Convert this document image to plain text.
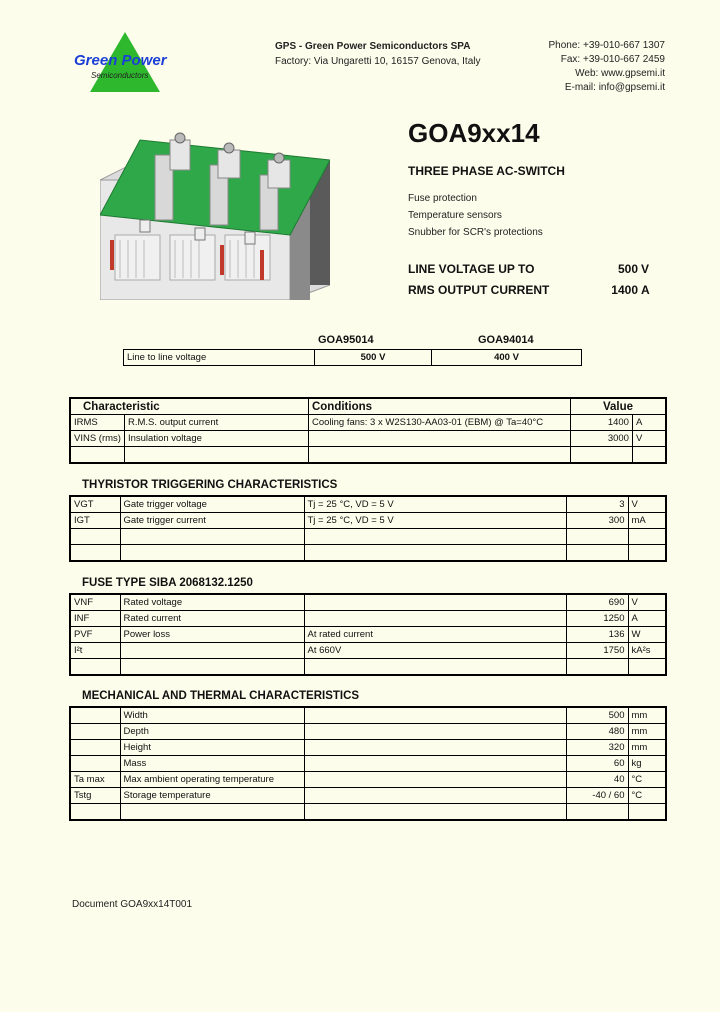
Green Power
Semiconductors
GPS - Green Power Semiconductors SPA
Factory: Via Ungaretti 10, 16157 Genova, Italy
Phone: +39-010-667 1307
Fax: +39-010-667 2459
Web: www.gpsemi.it
E-mail: info@gpsemi.it
GOA9xx14
THREE PHASE AC-SWITCH
Fuse protection
Temperature sensors
Snubber for SCR's protections
LINE VOLTAGE UP TO	500 V
RMS OUTPUT CURRENT	1400 A
GOA95014	GOA94014
Line to line voltage	500 V	400 V
Characteristic		Conditions	Value	
IRMS	R.M.S. output current	Cooling fans: 3 x W2S130-AA03-01 (EBM) @ Ta=40°C	1400	A
VINS (rms)	Insulation voltage		3000	V

THYRISTOR TRIGGERING CHARACTERISTICS
VGT	Gate trigger voltage	Tj = 25 °C, VD = 5 V	3	V
IGT	Gate trigger current	Tj = 25 °C, VD = 5 V	300	mA

FUSE TYPE SIBA 2068132.1250
VNF	Rated voltage		690	V
INF	Rated current		1250	A
PVF	Power loss	At rated current	136	W
I²t		At 660V	1750	kA²s

MECHANICAL AND THERMAL CHARACTERISTICS
	Width		500	mm
	Depth		480	mm
	Height		320	mm
	Mass		60	kg
Ta max	Max ambient operating temperature		40	°C
Tstg	Storage temperature		-40 / 60	°C

Document GOA9xx14T001
